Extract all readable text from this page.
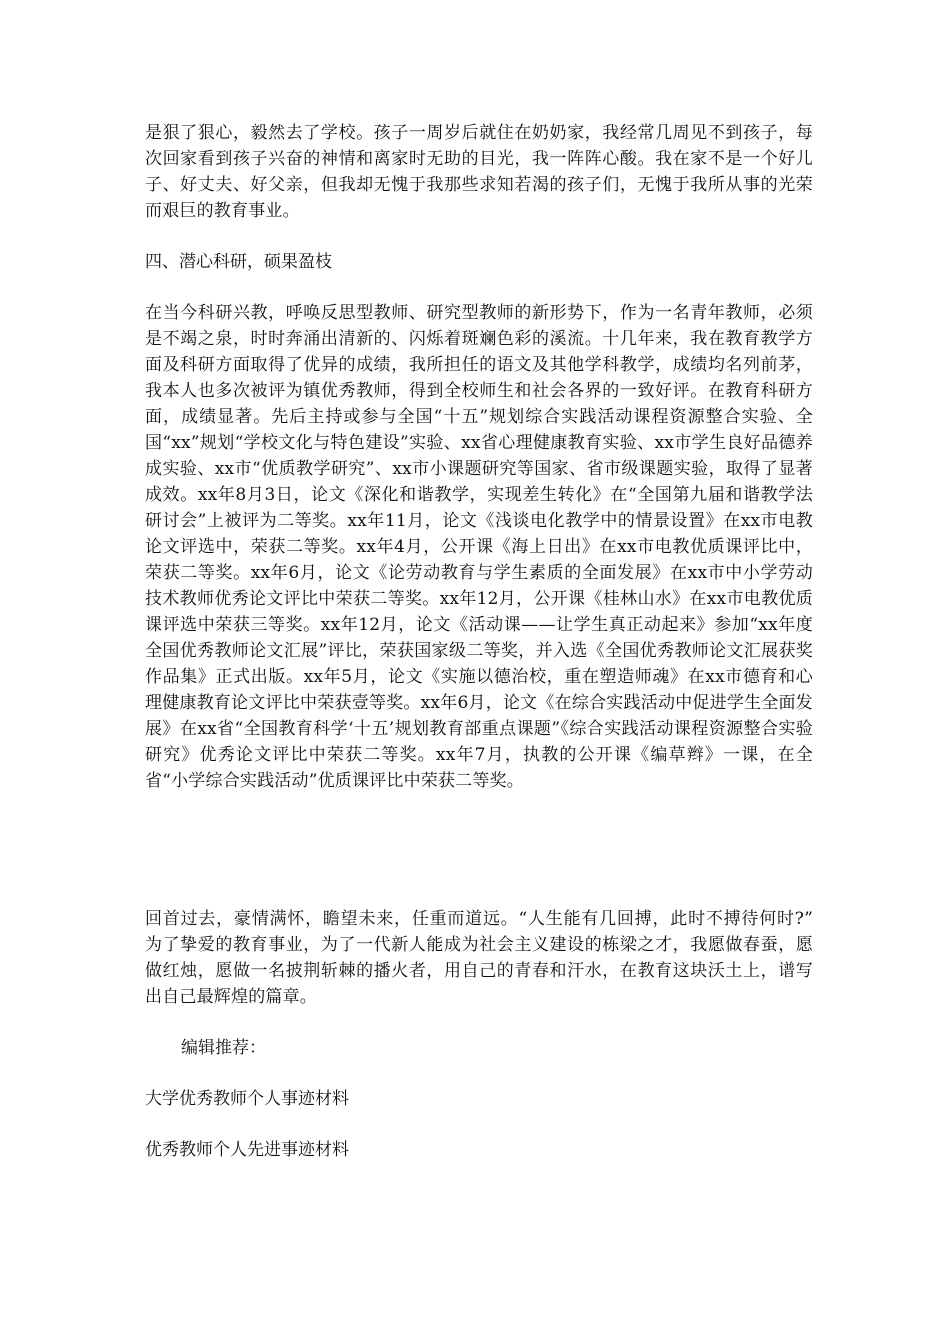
是狠了狠心，毅然去了学校。孩子一周岁后就住在奶奶家，我经常几周见不到孩子，每次回家看到孩子兴奋的神情和离家时无助的目光，我一阵阵心酸。我在家不是一个好儿子、好丈夫、好父亲，但我却无愧于我那些求知若渴的孩子们，无愧于我所从事的光荣而艰巨的教育事业。

四、潜心科研，硕果盈枝

在当今科研兴教，呼唤反思型教师、研究型教师的新形势下，作为一名青年教师，必须是不竭之泉，时时奔涌出清新的、闪烁着斑斓色彩的溪流。十几年来，我在教育教学方面及科研方面取得了优异的成绩，我所担任的语文及其他学科教学，成绩均名列前茅，我本人也多次被评为镇优秀教师，得到全校师生和社会各界的一致好评。在教育科研方面，成绩显著。先后主持或参与全国“十五”规划综合实践活动课程资源整合实验、全国“xx”规划“学校文化与特色建设”实验、xx省心理健康教育实验、xx市学生良好品德养成实验、xx市“优质教学研究”、xx市小课题研究等国家、省市级课题实验，取得了显著成效。xx年8月3日，论文《深化和谐教学，实现差生转化》在“全国第九届和谐教学法研讨会”上被评为二等奖。xx年11月，论文《浅谈电化教学中的情景设置》在xx市电教论文评选中，荣获二等奖。xx年4月，公开课《海上日出》在xx市电教优质课评比中，荣获二等奖。xx年6月，论文《论劳动教育与学生素质的全面发展》在xx市中小学劳动技术教师优秀论文评比中荣获二等奖。xx年12月，公开课《桂林山水》在xx市电教优质课评选中荣获三等奖。xx年12月，论文《活动课——让学生真正动起来》参加“xx年度全国优秀教师论文汇展”评比，荣获国家级二等奖，并入选《全国优秀教师论文汇展获奖作品集》正式出版。xx年5月，论文《实施以德治校，重在塑造师魂》在xx市德育和心理健康教育论文评比中荣获壹等奖。xx年6月，论文《在综合实践活动中促进学生全面发展》在xx省“全国教育科学‘十五’规划教育部重点课题”《综合实践活动课程资源整合实验研究》优秀论文评比中荣获二等奖。xx年7月，执教的公开课《编草辫》一课，在全省“小学综合实践活动”优质课评比中荣获二等奖。

回首过去，豪情满怀，瞻望未来，任重而道远。“人生能有几回搏，此时不搏待何时?”　为了挚爱的教育事业，为了一代新人能成为社会主义建设的栋梁之才，我愿做春蚕，愿做红烛，愿做一名披荆斩棘的播火者，用自己的青春和汗水，在教育这块沃土上，谱写出自己最辉煌的篇章。

编辑推荐：

大学优秀教师个人事迹材料

优秀教师个人先进事迹材料
